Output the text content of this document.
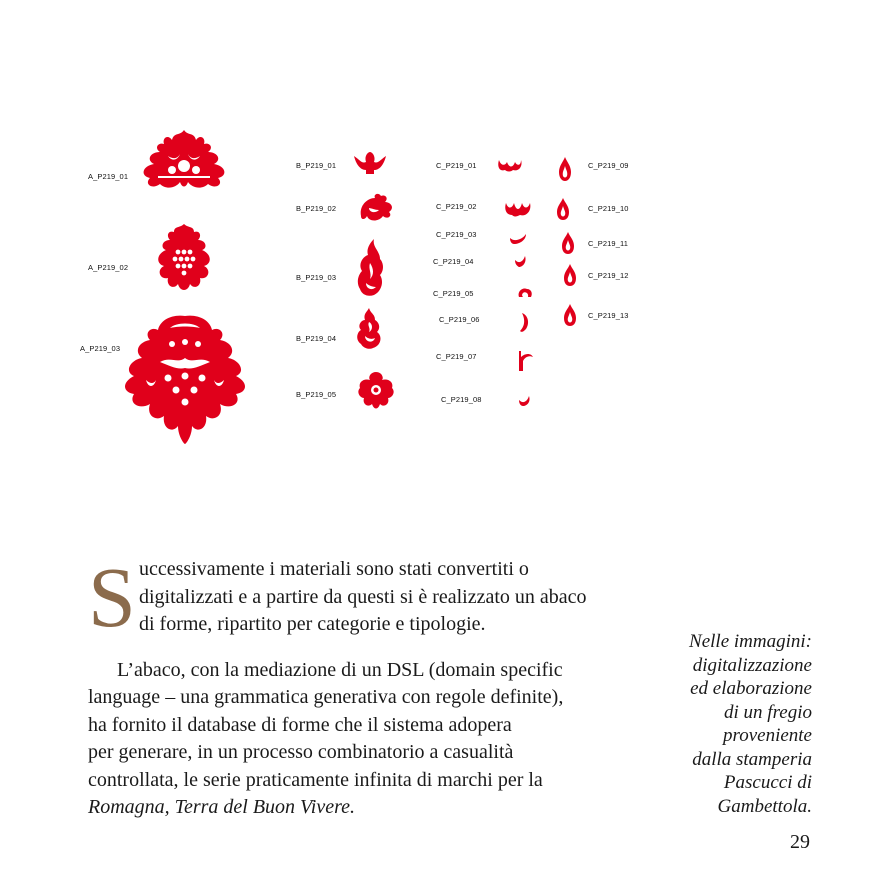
A_P219_01
A_P219_02
A_P219_03
B_P219_01
B_P219_02
B_P219_03
B_P219_04
B_P219_05
C_P219_01
C_P219_02
C_P219_03
C_P219_04
C_P219_05
C_P219_06
C_P219_07
C_P219_08
C_P219_09
C_P219_10
C_P219_11
C_P219_12
C_P219_13
S uccessivamente i materiali sono stati convertiti o
digitalizzati e a partire da questi si è realizzato un abaco
di forme, ripartito per categorie e tipologie.
L’abaco, con la mediazione di un DSL (domain specific
language – una grammatica generativa con regole definite),
ha fornito il database di forme che il sistema adopera
per generare, in un processo combinatorio a casualità
controllata, le serie praticamente infinita di marchi per la
Romagna, Terra del Buon Vivere.
Nelle immagini:
digitalizzazione
ed elaborazione
di un fregio
proveniente
dalla stamperia
Pascucci di
Gambettola.
29
